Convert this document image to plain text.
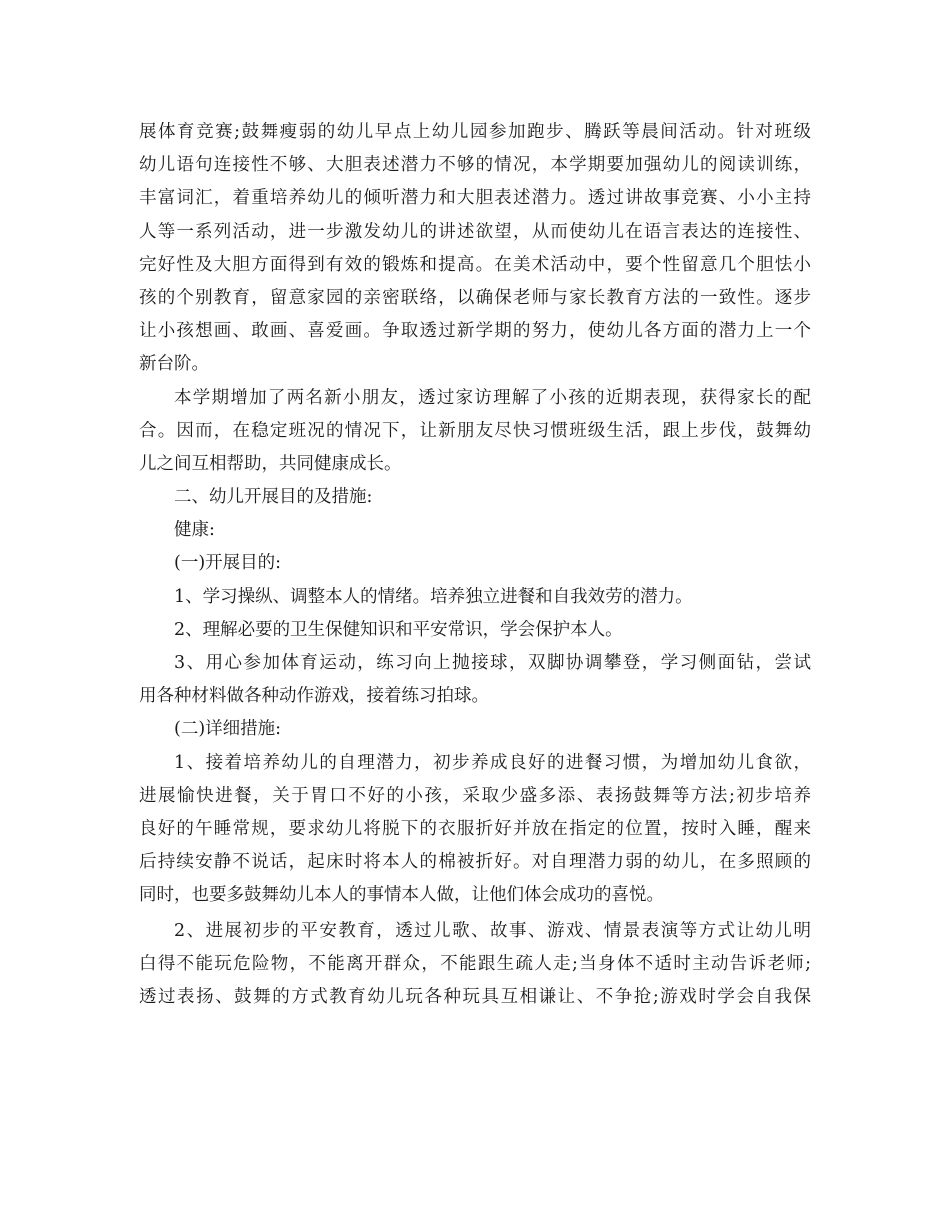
展体育竞赛;鼓舞瘦弱的幼儿早点上幼儿园参加跑步、腾跃等晨间活动。针对班级
幼儿语句连接性不够、大胆表述潜力不够的情况，本学期要加强幼儿的阅读训练，
丰富词汇，着重培养幼儿的倾听潜力和大胆表述潜力。透过讲故事竞赛、小小主持
人等一系列活动，进一步激发幼儿的讲述欲望，从而使幼儿在语言表达的连接性、
完好性及大胆方面得到有效的锻炼和提高。在美术活动中，要个性留意几个胆怯小
孩的个别教育，留意家园的亲密联络，以确保老师与家长教育方法的一致性。逐步
让小孩想画、敢画、喜爱画。争取透过新学期的努力，使幼儿各方面的潜力上一个
新台阶。
本学期增加了两名新小朋友，透过家访理解了小孩的近期表现，获得家长的配
合。因而，在稳定班况的情况下，让新朋友尽快习惯班级生活，跟上步伐，鼓舞幼
儿之间互相帮助，共同健康成长。
二、幼儿开展目的及措施:
健康:
(一)开展目的:
1、学习操纵、调整本人的情绪。培养独立进餐和自我效劳的潜力。
2、理解必要的卫生保健知识和平安常识，学会保护本人。
3、用心参加体育运动，练习向上抛接球，双脚协调攀登，学习侧面钻，尝试
用各种材料做各种动作游戏，接着练习拍球。
(二)详细措施:
1、接着培养幼儿的自理潜力，初步养成良好的进餐习惯，为增加幼儿食欲，
进展愉快进餐，关于胃口不好的小孩，采取少盛多添、表扬鼓舞等方法;初步培养
良好的午睡常规，要求幼儿将脱下的衣服折好并放在指定的位置，按时入睡，醒来
后持续安静不说话，起床时将本人的棉被折好。对自理潜力弱的幼儿，在多照顾的
同时，也要多鼓舞幼儿本人的事情本人做，让他们体会成功的喜悦。
2、进展初步的平安教育，透过儿歌、故事、游戏、情景表演等方式让幼儿明
白得不能玩危险物，不能离开群众，不能跟生疏人走;当身体不适时主动告诉老师;
透过表扬、鼓舞的方式教育幼儿玩各种玩具互相谦让、不争抢;游戏时学会自我保
